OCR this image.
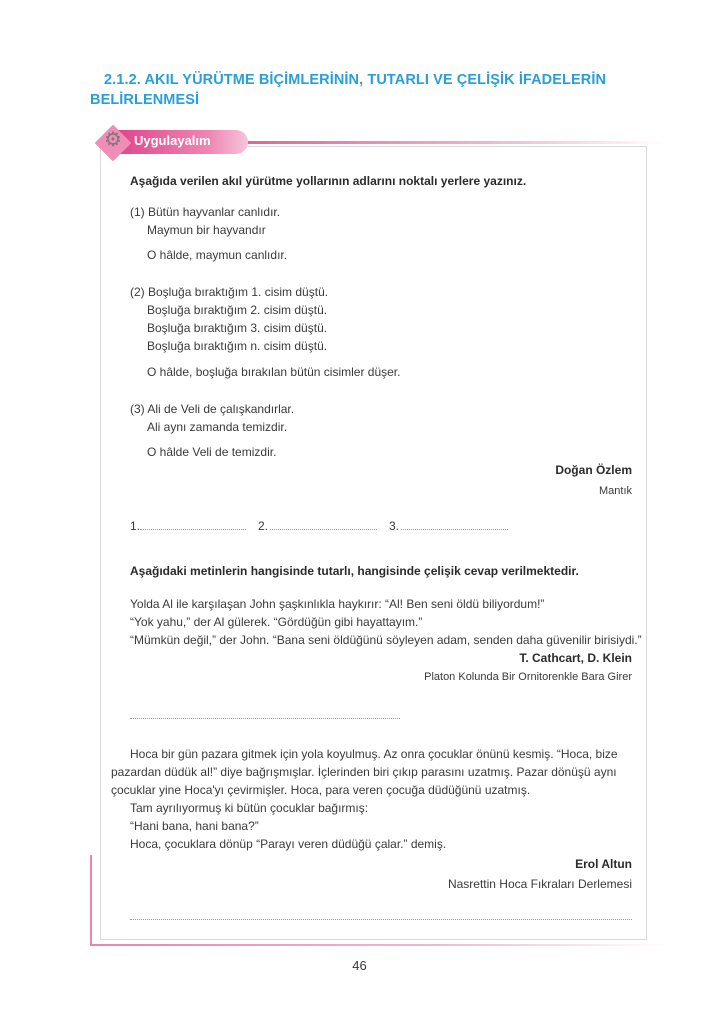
2.1.2. AKIL YÜRÜTME BİÇİMLERİNİN, TUTARLI VE ÇELİŞİK İFADELERİN
BELİRLENMESİ
⚙ Uygulayalım
Aşağıda verilen akıl yürütme yollarının adlarını noktalı yerlere yazınız.
(1) Bütün hayvanlar canlıdır.
Maymun bir hayvandır
O hâlde, maymun canlıdır.
(2) Boşluğa bıraktığım 1. cisim düştü.
Boşluğa bıraktığım 2. cisim düştü.
Boşluğa bıraktığım 3. cisim düştü.
Boşluğa bıraktığım n. cisim düştü.
O hâlde, boşluğa bırakılan bütün cisimler düşer.
(3) Ali de Veli de çalışkandırlar.
Ali aynı zamanda temizdir.
O hâlde Veli de temizdir.
Doğan Özlem
Mantık
1.	2.	3.
Aşağıdaki metinlerin hangisinde tutarlı, hangisinde çelişik cevap verilmektedir.
Yolda Al ile karşılaşan John şaşkınlıkla haykırır: “Al! Ben seni öldü biliyordum!”
“Yok yahu,” der Al gülerek. “Gördüğün gibi hayattayım.”
“Mümkün değil,” der John. “Bana seni öldüğünü söyleyen adam, senden daha güvenilir birisiydi.”
T. Cathcart, D. Klein
Platon Kolunda Bir Ornitorenkle Bara Girer
Hoca bir gün pazara gitmek için yola koyulmuş. Az onra çocuklar önünü kesmiş. “Hoca, bize
pazardan düdük al!” diye bağrışmışlar. İçlerinden biri çıkıp parasını uzatmış. Pazar dönüşü aynı
çocuklar yine Hoca'yı çevirmişler. Hoca, para veren çocuğa düdüğünü uzatmış.
Tam ayrılıyormuş ki bütün çocuklar bağırmış:
“Hani bana, hani bana?”
Hoca, çocuklara dönüp “Parayı veren düdüğü çalar.” demiş.
Erol Altun
Nasrettin Hoca Fıkraları Derlemesi
46
